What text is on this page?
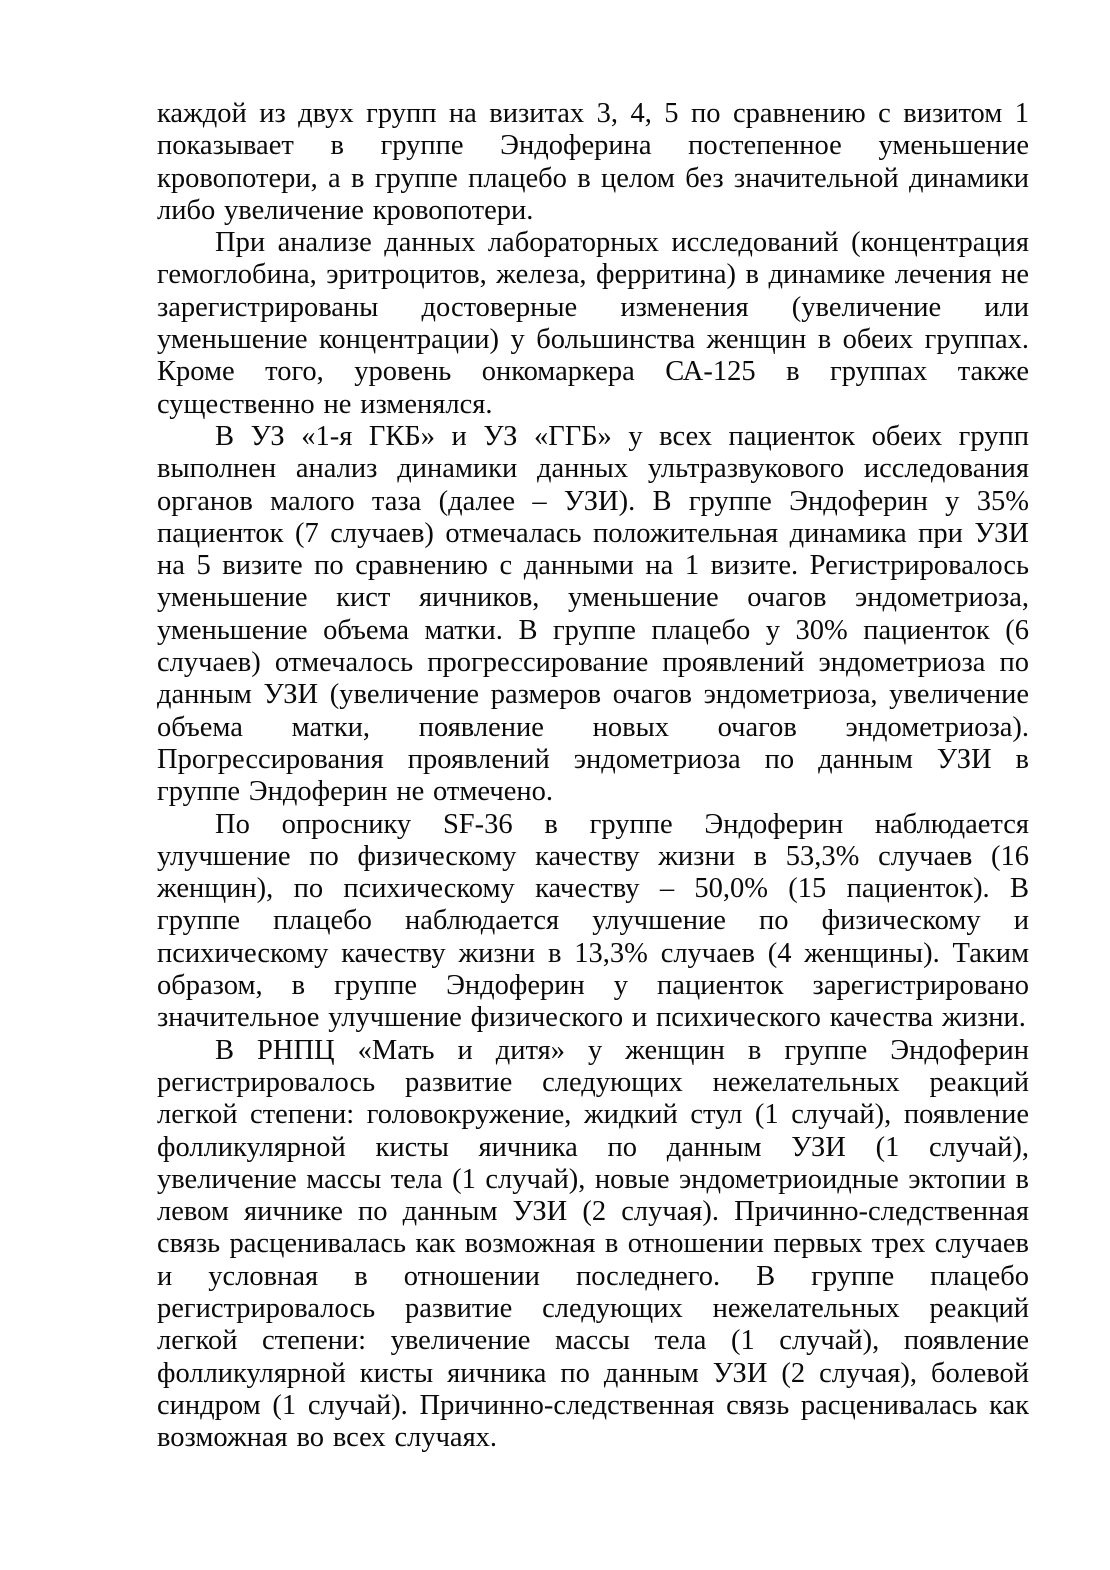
каждой из двух групп на визитах 3, 4, 5 по сравнению с визитом 1 показывает в группе Эндоферина постепенное уменьшение кровопотери, а в группе плацебо в целом без значительной динамики либо увеличение кровопотери.

При анализе данных лабораторных исследований (концентрация гемоглобина, эритроцитов, железа, ферритина) в динамике лечения не зарегистрированы достоверные изменения (увеличение или уменьшение концентрации) у большинства женщин в обеих группах. Кроме того, уровень онкомаркера СА-125 в группах также существенно не изменялся.

В УЗ «1-я ГКБ» и УЗ «ГГБ» у всех пациенток обеих групп выполнен анализ динамики данных ультразвукового исследования органов малого таза (далее – УЗИ). В группе Эндоферин у 35% пациенток (7 случаев) отмечалась положительная динамика при УЗИ на 5 визите по сравнению с данными на 1 визите. Регистрировалось уменьшение кист яичников, уменьшение очагов эндометриоза, уменьшение объема матки. В группе плацебо у 30% пациенток (6 случаев) отмечалось прогрессирование проявлений эндометриоза по данным УЗИ (увеличение размеров очагов эндометриоза, увеличение объема матки, появление новых очагов эндометриоза). Прогрессирования проявлений эндометриоза по данным УЗИ в группе Эндоферин не отмечено.

По опроснику SF-36 в группе Эндоферин наблюдается улучшение по физическому качеству жизни в 53,3% случаев (16 женщин), по психическому качеству – 50,0% (15 пациенток). В группе плацебо наблюдается улучшение по физическому и психическому качеству жизни в 13,3% случаев (4 женщины). Таким образом, в группе Эндоферин у пациенток зарегистрировано значительное улучшение физического и психического качества жизни.

В РНПЦ «Мать и дитя» у женщин в группе Эндоферин регистрировалось развитие следующих нежелательных реакций легкой степени: головокружение, жидкий стул (1 случай), появление фолликулярной кисты яичника по данным УЗИ (1 случай), увеличение массы тела (1 случай), новые эндометриоидные эктопии в левом яичнике по данным УЗИ (2 случая). Причинно-следственная связь расценивалась как возможная в отношении первых трех случаев и условная в отношении последнего. В группе плацебо регистрировалось развитие следующих нежелательных реакций легкой степени: увеличение массы тела (1 случай), появление фолликулярной кисты яичника по данным УЗИ (2 случая), болевой синдром (1 случай). Причинно-следственная связь расценивалась как возможная во всех случаях.
